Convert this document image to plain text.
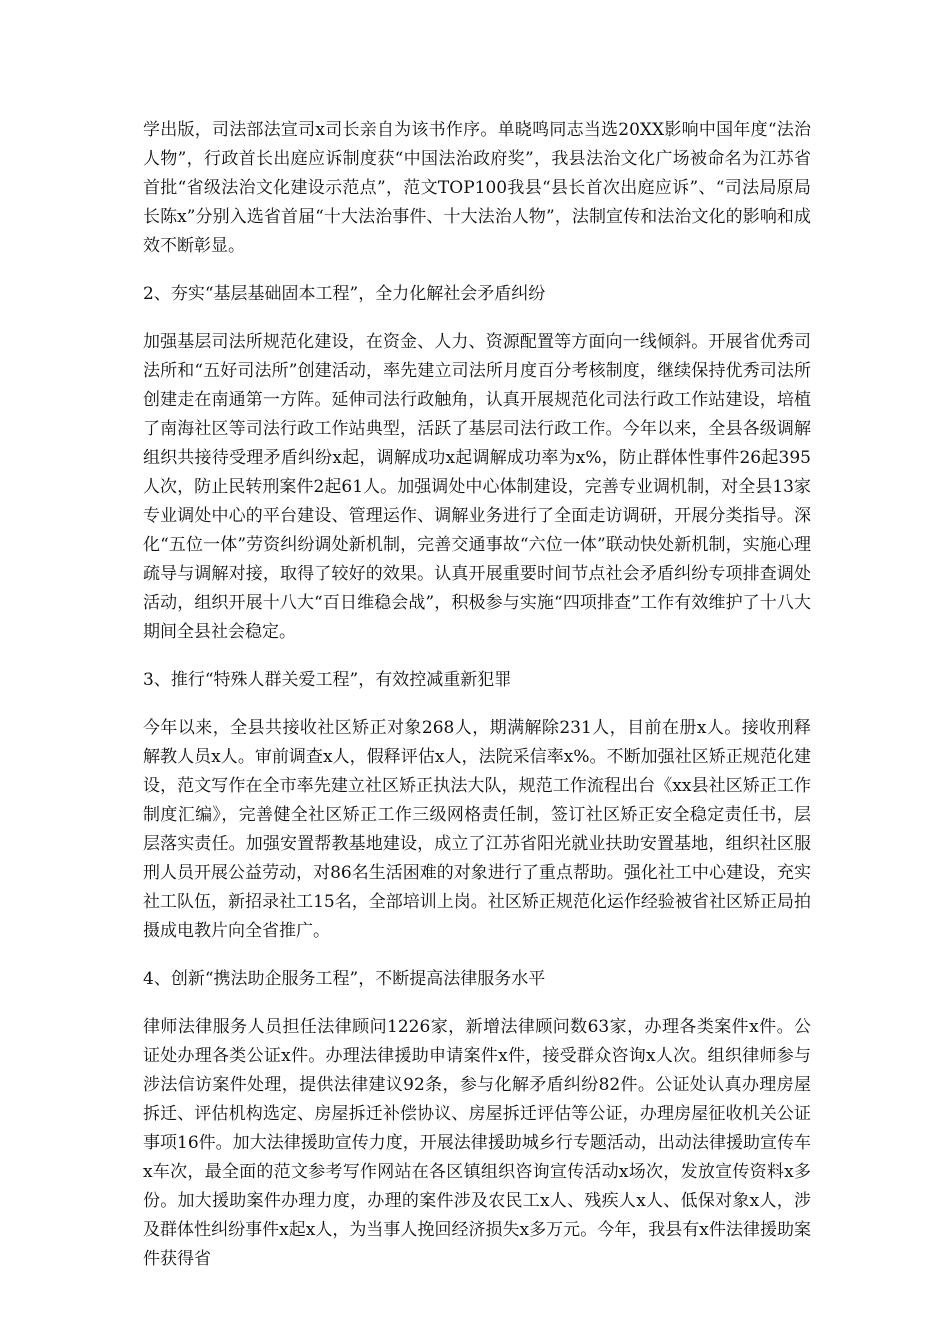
学出版，司法部法宣司x司长亲自为该书作序。单晓鸣同志当选20XX影响中国年度“法治人物”，行政首长出庭应诉制度获“中国法治政府奖”，我县法治文化广场被命名为江苏省首批“省级法治文化建设示范点”，范文TOP100我县“县长首次出庭应诉”、“司法局原局长陈x”分别入选省首届“十大法治事件、十大法治人物”，法制宣传和法治文化的影响和成效不断彰显。

2、夯实“基层基础固本工程”，全力化解社会矛盾纠纷

加强基层司法所规范化建设，在资金、人力、资源配置等方面向一线倾斜。开展省优秀司法所和“五好司法所”创建活动，率先建立司法所月度百分考核制度，继续保持优秀司法所创建走在南通第一方阵。延伸司法行政触角，认真开展规范化司法行政工作站建设，培植了南海社区等司法行政工作站典型，活跃了基层司法行政工作。今年以来，全县各级调解组织共接待受理矛盾纠纷x起，调解成功x起调解成功率为x%，防止群体性事件26起395人次，防止民转刑案件2起61人。加强调处中心体制建设，完善专业调机制，对全县13家专业调处中心的平台建设、管理运作、调解业务进行了全面走访调研，开展分类指导。深化“五位一体”劳资纠纷调处新机制，完善交通事故“六位一体”联动快处新机制，实施心理疏导与调解对接，取得了较好的效果。认真开展重要时间节点社会矛盾纠纷专项排查调处活动，组织开展十八大“百日维稳会战”，积极参与实施“四项排查”工作有效维护了十八大期间全县社会稳定。

3、推行“特殊人群关爱工程”，有效控减重新犯罪

今年以来，全县共接收社区矫正对象268人，期满解除231人，目前在册x人。接收刑释解教人员x人。审前调查x人，假释评估x人，法院采信率x%。不断加强社区矫正规范化建设，范文写作在全市率先建立社区矫正执法大队，规范工作流程出台《xx县社区矫正工作制度汇编》，完善健全社区矫正工作三级网格责任制，签订社区矫正安全稳定责任书，层层落实责任。加强安置帮教基地建设，成立了江苏省阳光就业扶助安置基地，组织社区服刑人员开展公益劳动，对86名生活困难的对象进行了重点帮助。强化社工中心建设，充实社工队伍，新招录社工15名，全部培训上岗。社区矫正规范化运作经验被省社区矫正局拍摄成电教片向全省推广。

4、创新“携法助企服务工程”，不断提高法律服务水平

律师法律服务人员担任法律顾问1226家，新增法律顾问数63家，办理各类案件x件。公证处办理各类公证x件。办理法律援助申请案件x件，接受群众咨询x人次。组织律师参与涉法信访案件处理，提供法律建议92条，参与化解矛盾纠纷82件。公证处认真办理房屋拆迁、评估机构选定、房屋拆迁补偿协议、房屋拆迁评估等公证，办理房屋征收机关公证事项16件。加大法律援助宣传力度，开展法律援助城乡行专题活动，出动法律援助宣传车x车次，最全面的范文参考写作网站在各区镇组织咨询宣传活动x场次，发放宣传资料x多份。加大援助案件办理力度，办理的案件涉及农民工x人、残疾人x人、低保对象x人，涉及群体性纠纷事件x起x人，为当事人挽回经济损失x多万元。今年，我县有x件法律援助案件获得省
